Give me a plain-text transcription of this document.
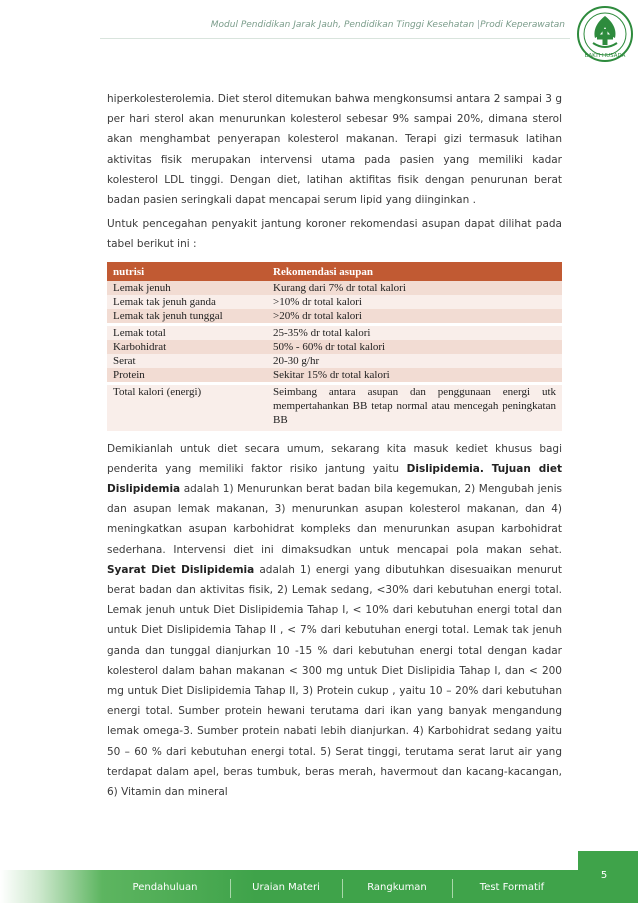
Modul Pendidikan Jarak Jauh, Pendidikan Tinggi Kesehatan |Prodi Keperawatan
BAKTI HUSADA

hiperkolesterolemia. Diet sterol ditemukan bahwa mengkonsumsi antara 2 sampai 3 g per hari sterol akan menurunkan kolesterol sebesar 9% sampai 20%, dimana sterol akan menghambat penyerapan kolesterol makanan. Terapi gizi termasuk latihan aktivitas fisik merupakan intervensi utama pada pasien yang memiliki kadar kolesterol LDL tinggi. Dengan diet, latihan aktifitas fisik dengan penurunan berat badan pasien seringkali dapat mencapai serum lipid yang diinginkan .

Untuk pencegahan penyakit jantung koroner rekomendasi asupan dapat dilihat pada tabel berikut ini :

nutrisi	Rekomendasi asupan
Lemak jenuh	Kurang dari 7% dr total kalori
Lemak tak jenuh ganda	>10% dr total kalori
Lemak tak jenuh tunggal	>20% dr total kalori
Lemak total	25-35% dr total kalori
Karbohidrat	50% - 60% dr total kalori
Serat	20-30 g/hr
Protein	Sekitar 15% dr total kalori
Total kalori (energi)	Seimbang antara asupan dan penggunaan energi utk mempertahankan BB tetap normal atau mencegah peningkatan BB

Demikianlah untuk diet secara umum, sekarang kita masuk kediet khusus bagi penderita yang memiliki faktor risiko jantung yaitu Dislipidemia. Tujuan diet Dislipidemia adalah 1) Menurunkan berat badan bila kegemukan, 2) Mengubah jenis dan asupan lemak makanan, 3) menurunkan asupan kolesterol makanan, dan 4) meningkatkan asupan karbohidrat kompleks dan menurunkan asupan karbohidrat sederhana. Intervensi diet ini dimaksudkan untuk mencapai pola makan sehat. Syarat Diet Dislipidemia adalah 1) energi yang dibutuhkan disesuaikan menurut berat badan dan aktivitas fisik, 2) Lemak sedang, <30% dari kebutuhan energi total. Lemak jenuh untuk Diet Dislipidemia Tahap I, < 10% dari kebutuhan energi total dan untuk Diet Dislipidemia Tahap II , < 7% dari kebutuhan energi total. Lemak tak jenuh ganda dan tunggal dianjurkan 10 -15 % dari kebutuhan energi total dengan kadar kolesterol dalam bahan makanan < 300 mg untuk Diet Dislipidia Tahap I, dan < 200 mg untuk Diet Dislipidemia Tahap II, 3) Protein cukup , yaitu 10 – 20% dari kebutuhan energi total. Sumber protein hewani terutama dari ikan yang banyak mengandung lemak omega-3. Sumber protein nabati lebih dianjurkan. 4) Karbohidrat sedang yaitu 50 – 60 % dari kebutuhan energi total. 5) Serat tinggi, terutama serat larut air yang terdapat dalam apel, beras tumbuk, beras merah, havermout dan kacang-kacangan, 6) Vitamin dan mineral

5
Pendahuluan	Uraian Materi	Rangkuman	Test Formatif
